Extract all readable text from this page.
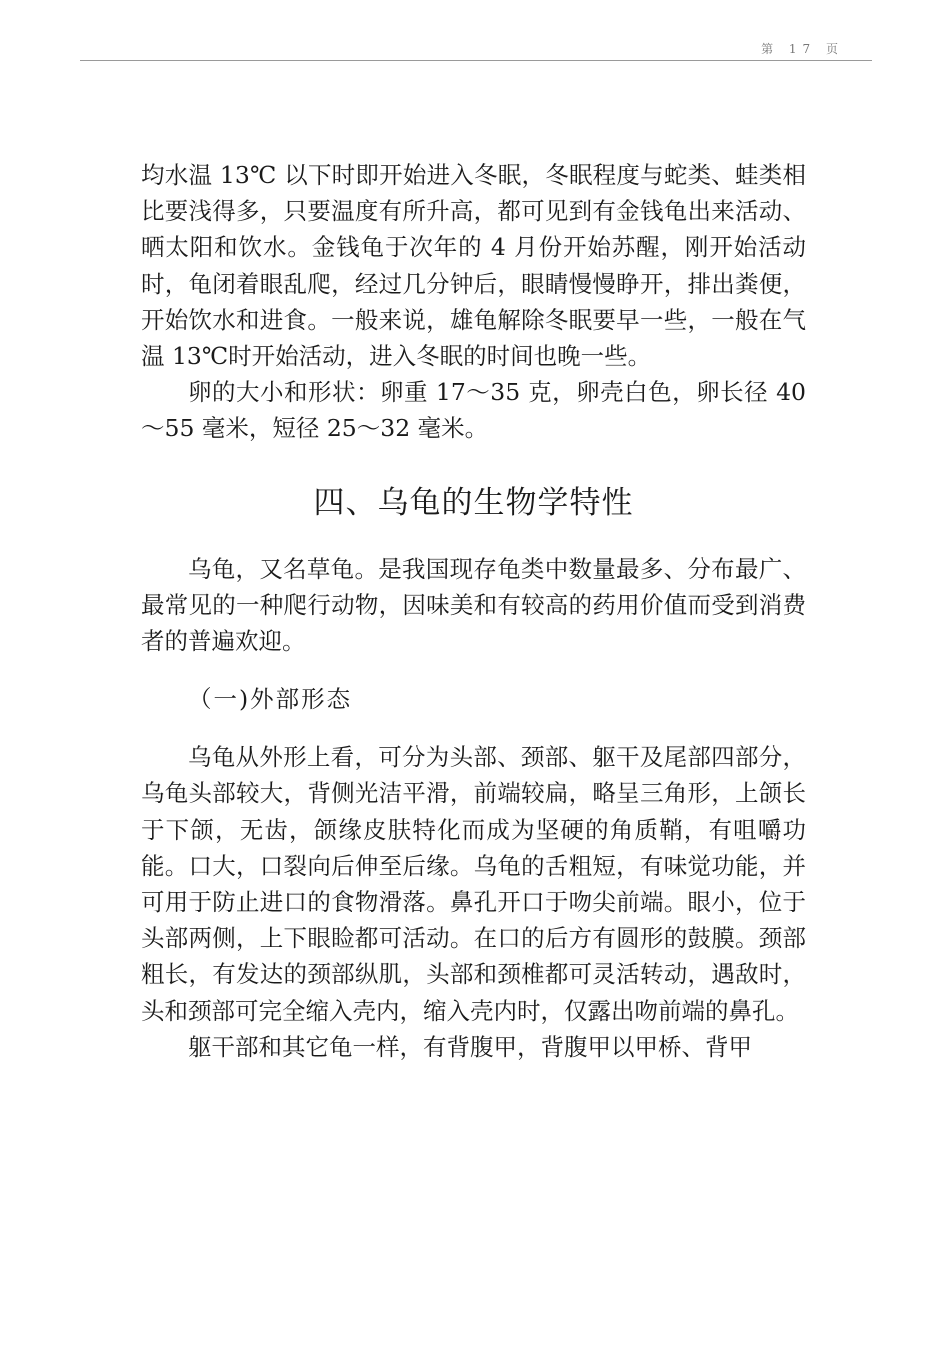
第 17 页

均水温 13℃ 以下时即开始进入冬眠，冬眠程度与蛇类、蛙类相比要浅得多，只要温度有所升高，都可见到有金钱龟出来活动、晒太阳和饮水。金钱龟于次年的 4 月份开始苏醒，刚开始活动时，龟闭着眼乱爬，经过几分钟后，眼睛慢慢睁开，排出粪便，开始饮水和进食。一般来说，雄龟解除冬眠要早一些，一般在气温 13℃时开始活动，进入冬眠的时间也晚一些。

卵的大小和形状：卵重 17～35 克，卵壳白色，卵长径 40～55 毫米，短径 25～32 毫米。

四、乌龟的生物学特性

乌龟，又名草龟。是我国现存龟类中数量最多、分布最广、最常见的一种爬行动物，因味美和有较高的药用价值而受到消费者的普遍欢迎。

（一)外部形态

乌龟从外形上看，可分为头部、颈部、躯干及尾部四部分，乌龟头部较大，背侧光洁平滑，前端较扁，略呈三角形，上颌长于下颌，无齿，颌缘皮肤特化而成为坚硬的角质鞘，有咀嚼功能。口大，口裂向后伸至后缘。乌龟的舌粗短，有味觉功能，并可用于防止进口的食物滑落。鼻孔开口于吻尖前端。眼小，位于头部两侧，上下眼睑都可活动。在口的后方有圆形的鼓膜。颈部粗长，有发达的颈部纵肌，头部和颈椎都可灵活转动，遇敌时，头和颈部可完全缩入壳内，缩入壳内时，仅露出吻前端的鼻孔。

躯干部和其它龟一样，有背腹甲，背腹甲以甲桥、背甲
